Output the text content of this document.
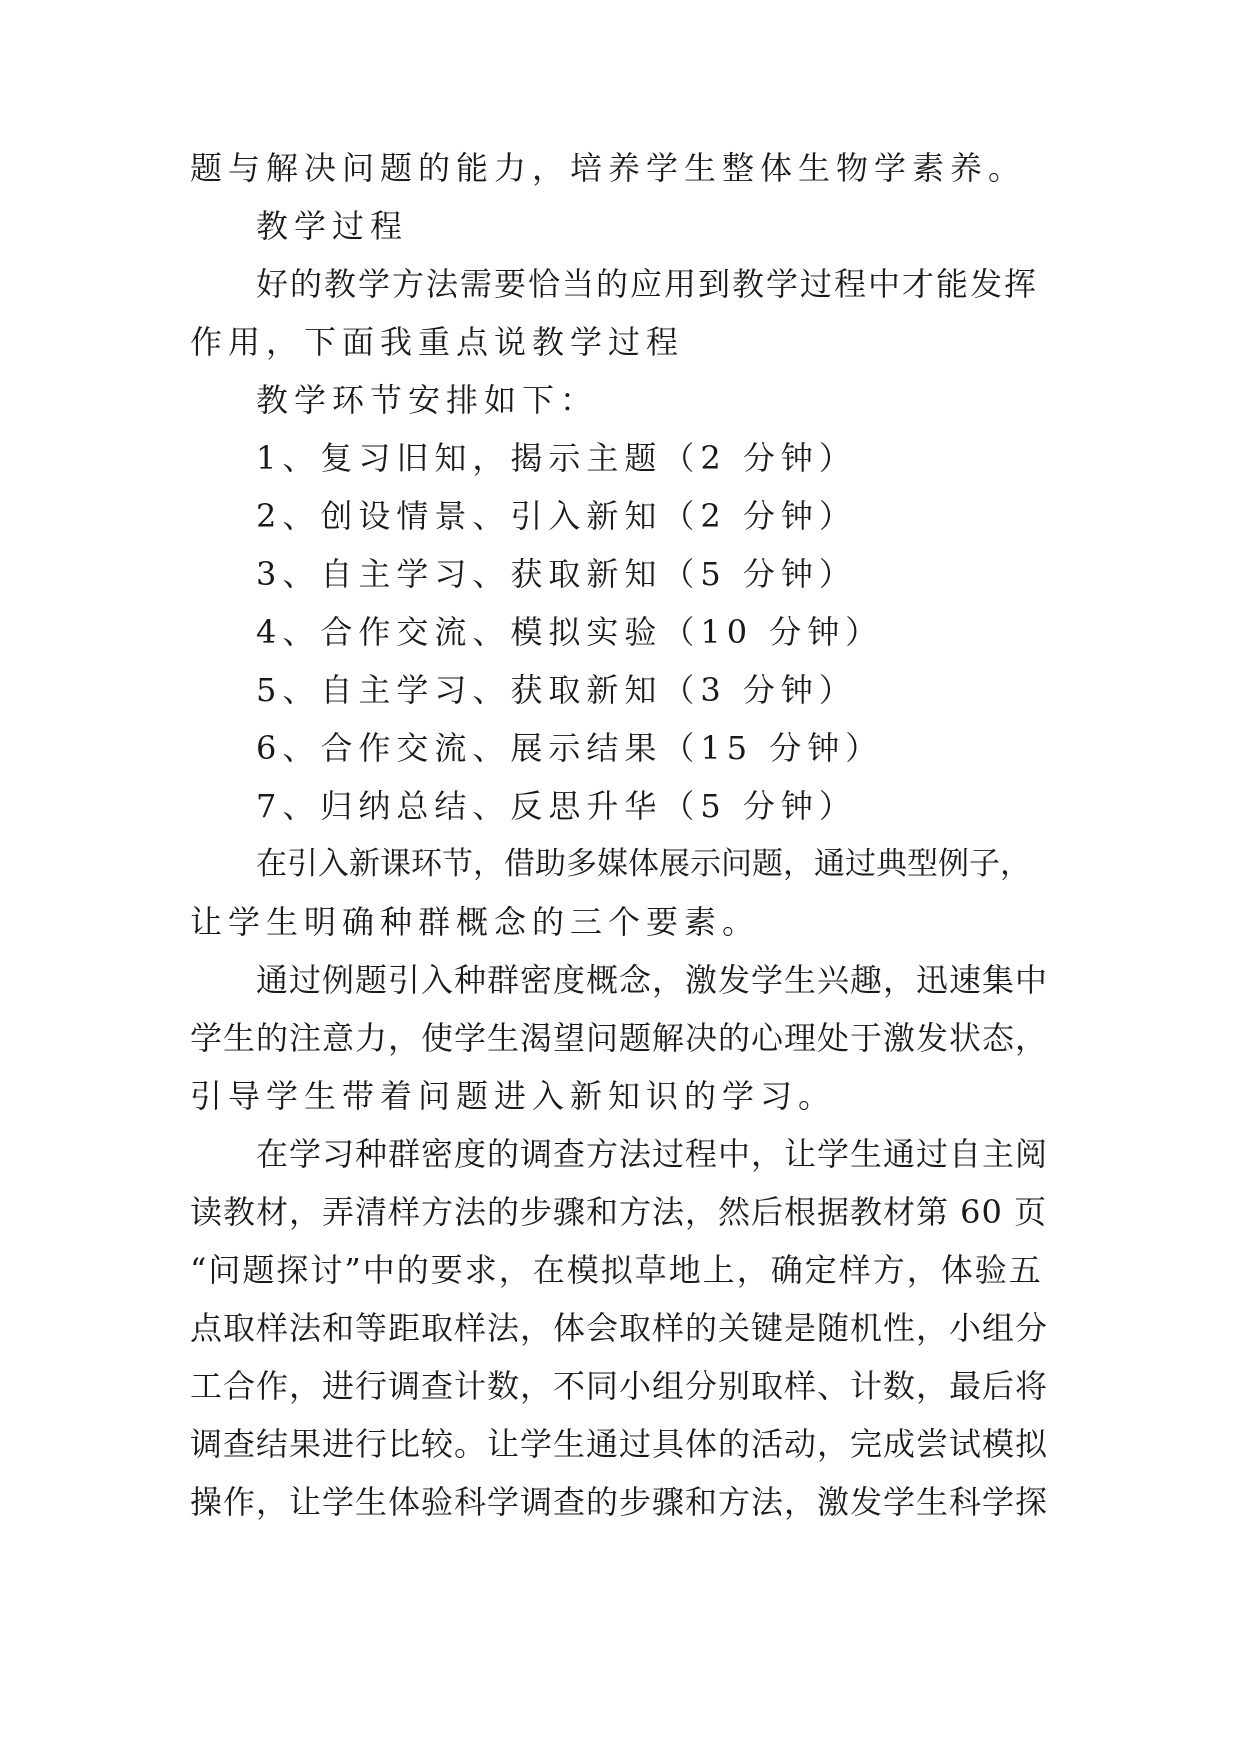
题与解决问题的能力，培养学生整体生物学素养。
教学过程
好的教学方法需要恰当的应用到教学过程中才能发挥
作用，下面我重点说教学过程
教学环节安排如下：
1、复习旧知，揭示主题（2 分钟）
2、创设情景、引入新知（2 分钟）
3、自主学习、获取新知（5 分钟）
4、合作交流、模拟实验（10 分钟）
5、自主学习、获取新知（3 分钟）
6、合作交流、展示结果（15 分钟）
7、归纳总结、反思升华（5 分钟）
在引入新课环节，借助多媒体展示问题，通过典型例子，
让学生明确种群概念的三个要素。
通过例题引入种群密度概念，激发学生兴趣，迅速集中
学生的注意力，使学生渴望问题解决的心理处于激发状态，
引导学生带着问题进入新知识的学习。
在学习种群密度的调查方法过程中，让学生通过自主阅
读教材，弄清样方法的步骤和方法，然后根据教材第 60 页
“问题探讨”中的要求，在模拟草地上，确定样方，体验五
点取样法和等距取样法，体会取样的关键是随机性，小组分
工合作，进行调查计数，不同小组分别取样、计数，最后将
调查结果进行比较。让学生通过具体的活动，完成尝试模拟
操作，让学生体验科学调查的步骤和方法，激发学生科学探
